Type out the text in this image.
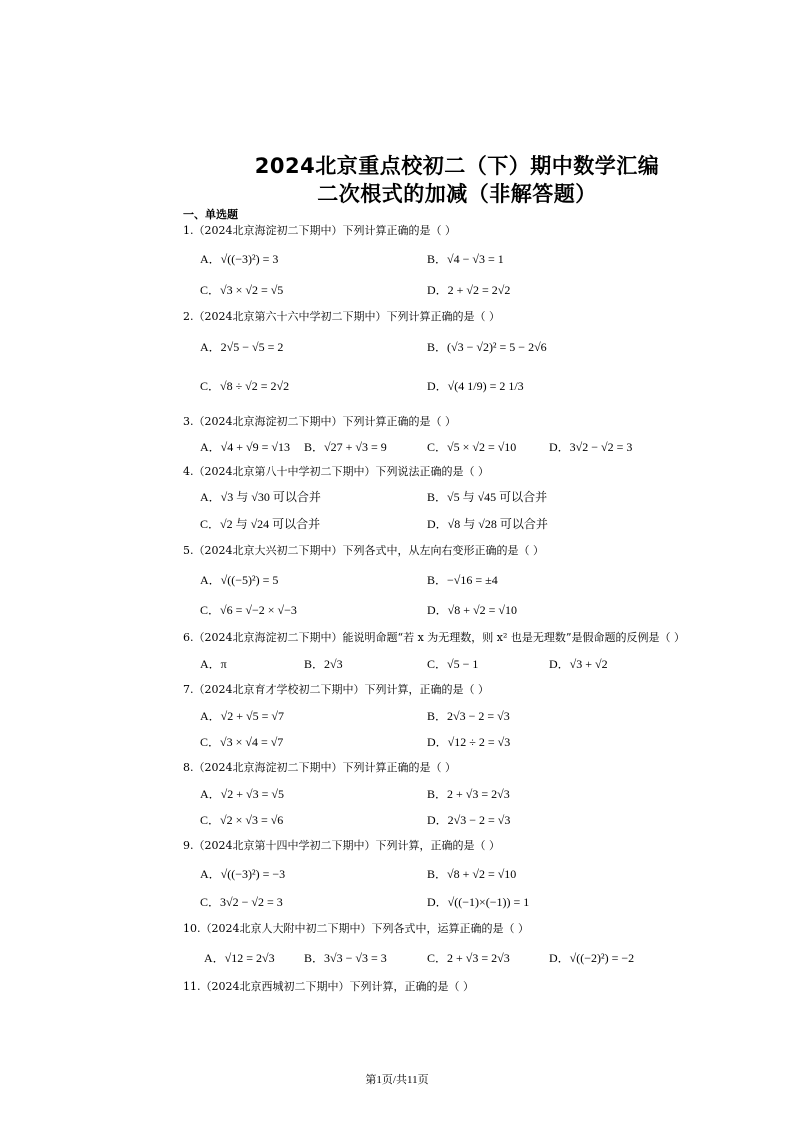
2024北京重点校初二（下）期中数学汇编
二次根式的加减（非解答题）
一、单选题
1.（2024北京海淀初二下期中）下列计算正确的是（ ）
A．√((−3)²) = 3	B．√4 − √3 = 1
C．√3 × √2 = √5	D．2 + √2 = 2√2
2.（2024北京第六十六中学初二下期中）下列计算正确的是（ ）
A．2√5 − √5 = 2	B．(√3 − √2)² = 5 − 2√6
C．√8 ÷ √2 = 2√2	D．√(4 1/9) = 2 1/3
3.（2024北京海淀初二下期中）下列计算正确的是（ ）
A．√4 + √9 = √13 B．√27 + √3 = 9	C．√5 × √2 = √10	D．3√2 − √2 = 3
4.（2024北京第八十中学初二下期中）下列说法正确的是（ ）
A．√3 与 √30 可以合并	B．√5 与 √45 可以合并
C．√2 与 √24 可以合并	D．√8 与 √28 可以合并
5.（2024北京大兴初二下期中）下列各式中，从左向右变形正确的是（ ）
A．√((−5)²) = 5	B．−√16 = ±4
C．√6 = √−2 × √−3	D．√8 + √2 = √10
6.（2024北京海淀初二下期中）能说明命题“若 x 为无理数，则 x² 也是无理数”是假命题的反例是（ ）
A．π	B．2√3	C．√5 − 1	D．√3 + √2
7.（2024北京育才学校初二下期中）下列计算，正确的是（ ）
A．√2 + √5 = √7	B．2√3 − 2 = √3
C．√3 × √4 = √7	D．√12 ÷ 2 = √3
8.（2024北京海淀初二下期中）下列计算正确的是（ ）
A．√2 + √3 = √5	B．2 + √3 = 2√3
C．√2 × √3 = √6	D．2√3 − 2 = √3
9.（2024北京第十四中学初二下期中）下列计算，正确的是（ ）
A．√((−3)²) = −3	B．√8 + √2 = √10
C．3√2 − √2 = 3	D．√((−1)×(−1)) = 1
10.（2024北京人大附中初二下期中）下列各式中，运算正确的是（ ）
A．√12 = 2√3 B．3√3 − √3 = 3	C．2 + √3 = 2√3	D．√((−2)²) = −2
11.（2024北京西城初二下期中）下列计算，正确的是（ ）
第1页/共11页
